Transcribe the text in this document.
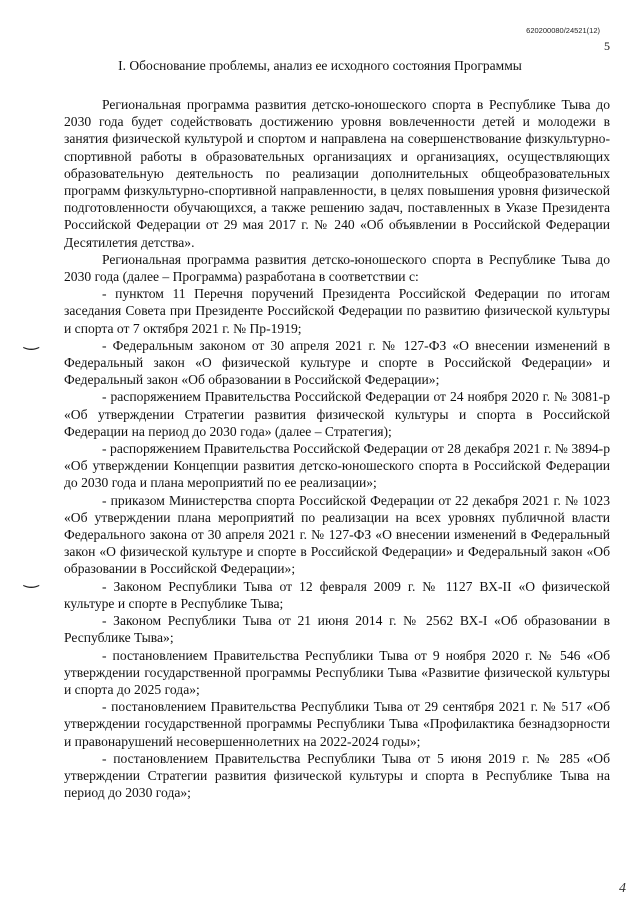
620200080/24521(12)
5
I. Обоснование проблемы, анализ ее исходного состояния Программы

Региональная программа развития детско-юношеского спорта в Республике Тыва до 2030 года будет содействовать достижению уровня вовлеченности детей и молодежи в занятия физической культурой и спортом и направлена на совершенствование физкультурно-спортивной работы в образовательных организациях и организациях, осуществляющих образовательную деятельность по реализации дополнительных общеобразовательных программ физкультурно-спортивной направленности, в целях повышения уровня физической подготовленности обучающихся, а также решению задач, поставленных в Указе Президента Российской Федерации от 29 мая 2017 г. № 240 «Об объявлении в Российской Федерации Десятилетия детства».

Региональная программа развития детско-юношеского спорта в Республике Тыва до 2030 года (далее – Программа) разработана в соответствии с:

- пунктом 11 Перечня поручений Президента Российской Федерации по итогам заседания Совета при Президенте Российской Федерации по развитию физической культуры и спорта от 7 октября 2021 г. № Пр-1919;

- Федеральным законом от 30 апреля 2021 г. № 127-ФЗ «О внесении изменений в Федеральный закон «О физической культуре и спорте в Российской Федерации» и Федеральный закон «Об образовании в Российской Федерации»;

- распоряжением Правительства Российской Федерации от 24 ноября 2020 г. № 3081-р «Об утверждении Стратегии развития физической культуры и спорта в Российской Федерации на период до 2030 года» (далее – Стратегия);

- распоряжением Правительства Российской Федерации от 28 декабря 2021 г. № 3894-р «Об утверждении Концепции развития детско-юношеского спорта в Российской Федерации до 2030 года и плана мероприятий по ее реализации»;

- приказом Министерства спорта Российской Федерации от 22 декабря 2021 г. № 1023 «Об утверждении плана мероприятий по реализации на всех уровнях публичной власти Федерального закона от 30 апреля 2021 г. № 127-ФЗ «О внесении изменений в Федеральный закон «О физической культуре и спорте в Российской Федерации» и Федеральный закон «Об образовании в Российской Федерации»;

- Законом Республики Тыва от 12 февраля 2009 г. № 1127 ВХ-II «О физической культуре и спорте в Республике Тыва;

- Законом Республики Тыва от 21 июня 2014 г. № 2562 ВХ-I «Об образовании в Республике Тыва»;

- постановлением Правительства Республики Тыва от 9 ноября 2020 г. № 546 «Об утверждении государственной программы Республики Тыва «Развитие физической культуры и спорта до 2025 года»;

- постановлением Правительства Республики Тыва от 29 сентября 2021 г. № 517 «Об утверждении государственной программы Республики Тыва «Профилактика безнадзорности и правонарушений несовершеннолетних на 2022-2024 годы»;

- постановлением Правительства Республики Тыва от 5 июня 2019 г. № 285 «Об утверждении Стратегии развития физической культуры и спорта в Республике Тыва на период до 2030 года»;

‿
‿
4
